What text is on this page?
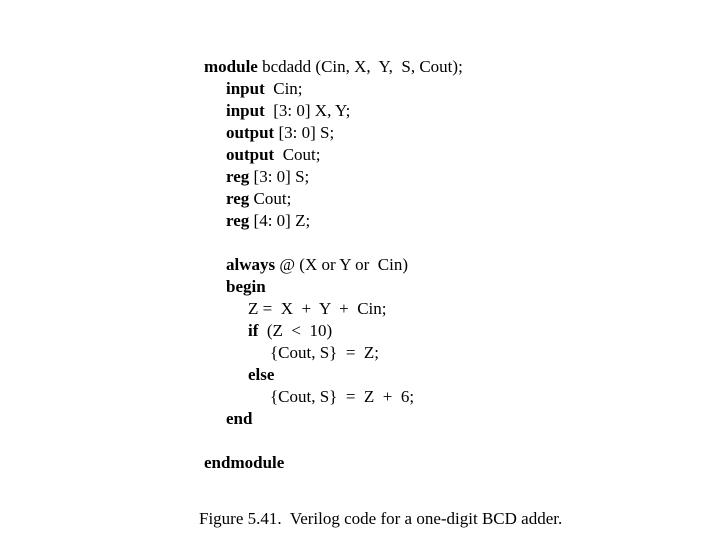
module bcdadd (Cin, X,  Y,  S, Cout);
input  Cin;
input  [3: 0] X, Y;
output [3: 0] S;
output  Cout;
reg [3: 0] S;
reg Cout;
reg [4: 0] Z;
always @ (X or Y or  Cin)
begin
Z =  X  +  Y  +  Cin;
if  (Z  <  10)
{Cout, S}  =  Z;
else
{Cout, S}  =  Z  +  6;
end
endmodule
Figure 5.41.  Verilog code for a one-digit BCD adder.
